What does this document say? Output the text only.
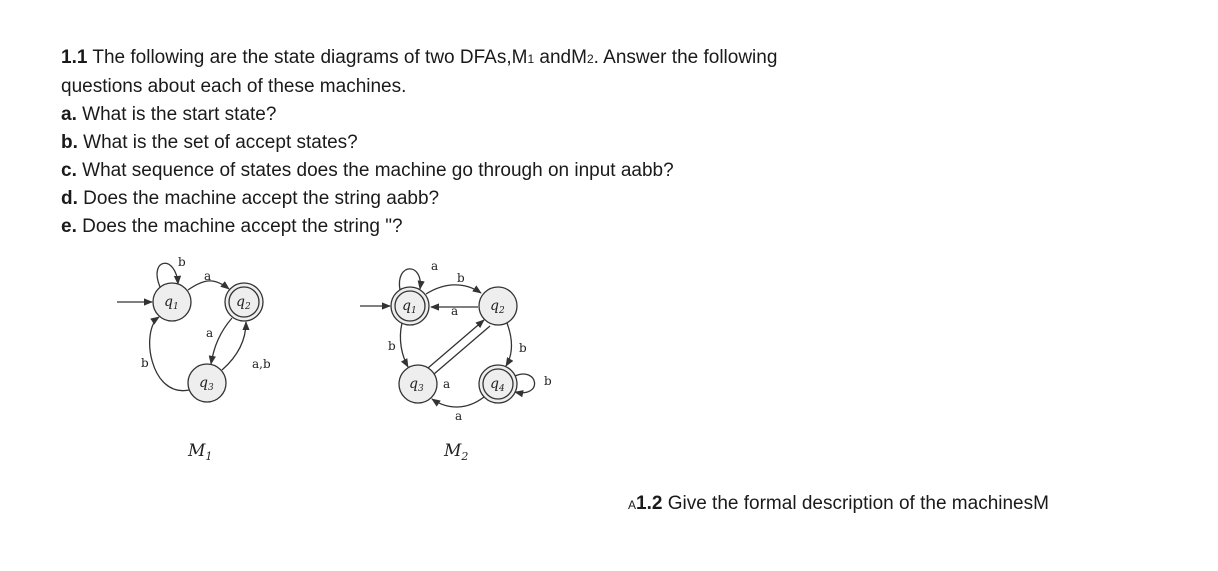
1.1 The following are the state diagrams of two DFAs,M1 andM2. Answer the following
questions about each of these machines.
a. What is the start state?
b. What is the set of accept states?
c. What sequence of states does the machine go through on input aabb?
d. Does the machine accept the string aabb?
e. Does the machine accept the string "?
$q_1$	$q_2$
$q_3$
b
a
a
a,b
b
$M_1$
$q_1$	$q_2$
$q_3$	$q_4$
a
b
a
b	b
a
a
b
$M_2$
A1.2 Give the formal description of the machinesM
